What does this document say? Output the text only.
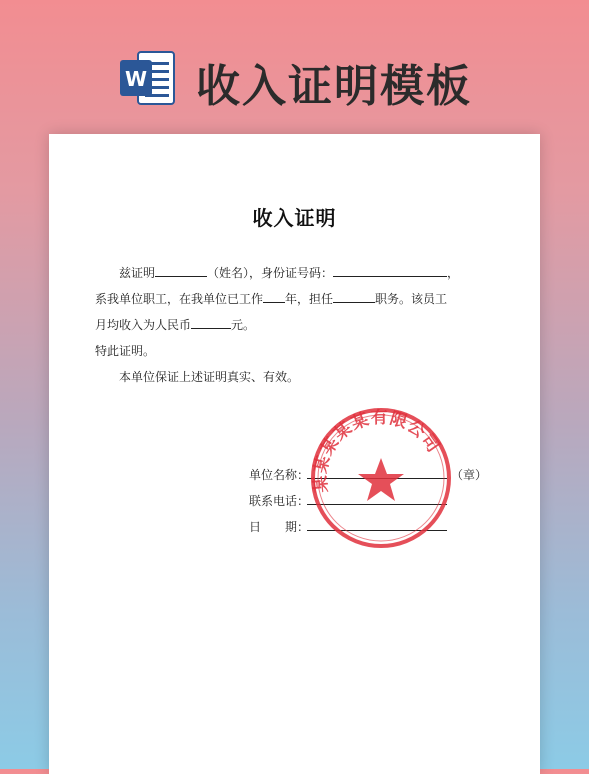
W 收入证明模板
收入证明
兹证明	（姓名），身份证号码：	，
系我单位职工，在我单位已工作 年，担任	职务。该员工
月均收入为人民币	元。
特此证明。
本单位保证上述证明真实、有效。
单位名称：	（章）
联系电话：
日　　期：
某某某某某有限公司
